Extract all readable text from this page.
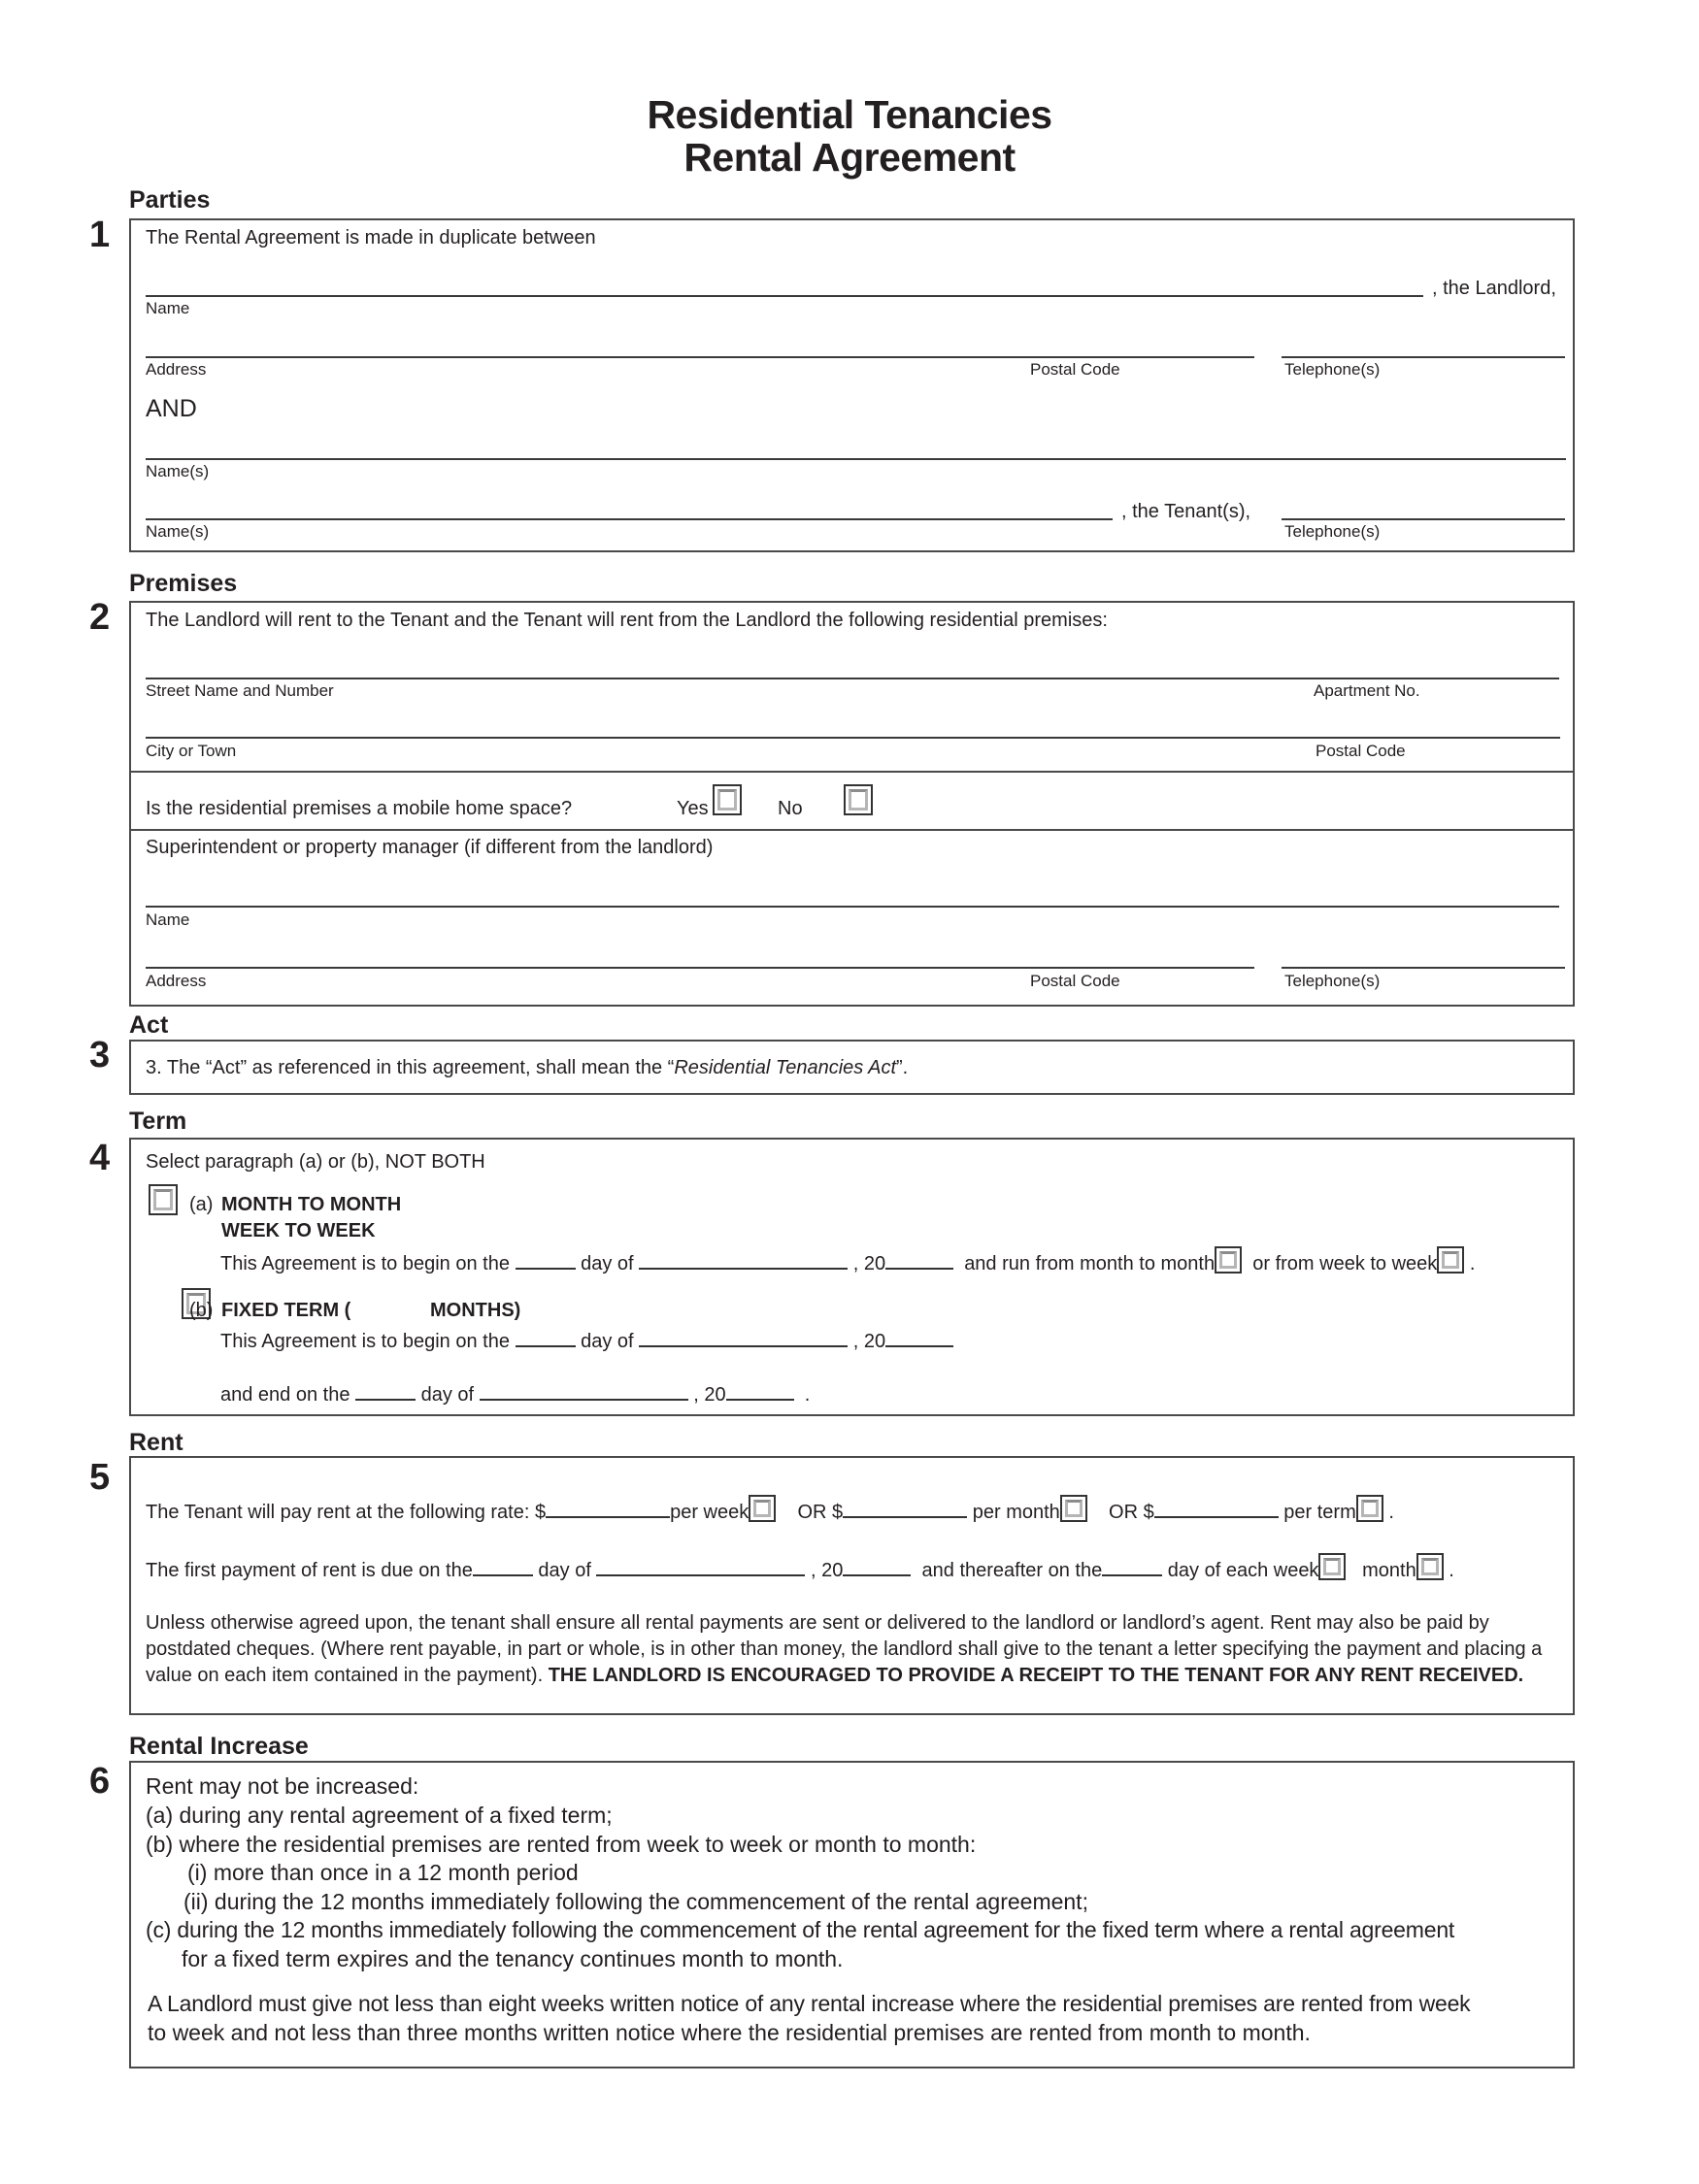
Residential Tenancies
Rental Agreement
Parties
1 The Rental Agreement is made in duplicate between
, the Landlord,
Name
Address	Postal Code	Telephone(s)
AND
Name(s)
, the Tenant(s),
Name(s)	Telephone(s)
Premises
2 The Landlord will rent to the Tenant and the Tenant will rent from the Landlord the following residential premises:
Street Name and Number	Apartment No.
City or Town	Postal Code
Is the residential premises a mobile home space?	Yes
	No
Superintendent or property manager (if different from the landlord)
Name
Address	Postal Code	Telephone(s)
Act
3 3. The “Act” as referenced in this agreement, shall mean the “Residential Tenancies Act”.
Term
4 Select paragraph (a) or (b), NOT BOTH

(a) MONTH TO MONTH
WEEK TO WEEK
This Agreement is to begin on the	day of	, 20	and run from month to month or from week to week .
(b) FIXED TERM (	MONTHS)
This Agreement is to begin on the	day of	, 20
and end on the	day of	, 20	.
Rent
5
The Tenant will pay rent at the following rate: $	per week	OR $	per month	OR $	per term .
The first payment of rent is due on the	day of	, 20	and thereafter on the	day of each week month .
Unless otherwise agreed upon, the tenant shall ensure all rental payments are sent or delivered to the landlord or landlord’s agent. Rent may also be paid by postdated cheques. (Where rent payable, in part or whole, is in other than money, the landlord shall give to the tenant a letter specifying the payment and placing a value on each item contained in the payment). THE LANDLORD IS ENCOURAGED TO PROVIDE A RECEIPT TO THE TENANT FOR ANY RENT RECEIVED.
Rental Increase
6 Rent may not be increased:
(a) during any rental agreement of a fixed term;
(b) where the residential premises are rented from week to week or month to month:
(i) more than once in a 12 month period
(ii) during the 12 months immediately following the commencement of the rental agreement;
(c) during the 12 months immediately following the commencement of the rental agreement for the fixed term where a rental agreement
for a fixed term expires and the tenancy continues month to month.
A Landlord must give not less than eight weeks written notice of any rental increase where the residential premises are rented from week
to week and not less than three months written notice where the residential premises are rented from month to month.
